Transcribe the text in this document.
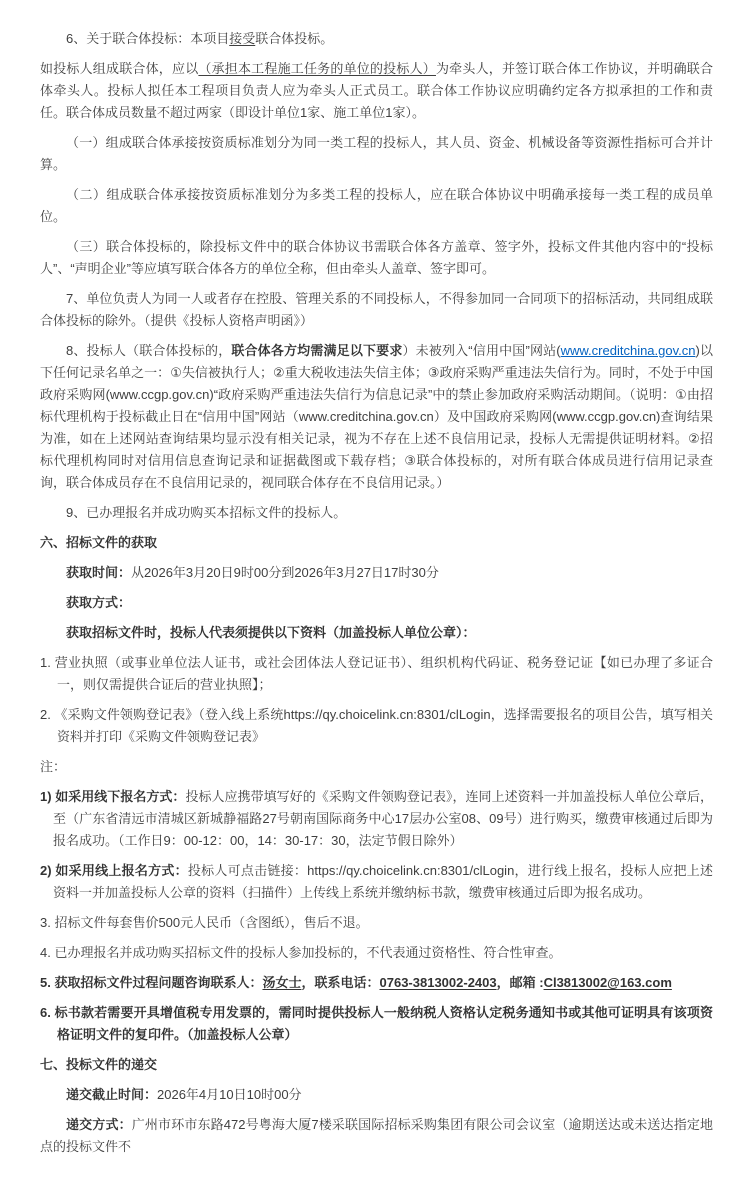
6、关于联合体投标：本项目接受联合体投标。

如投标人组成联合体，应以（承担本工程施工任务的单位的投标人）为牵头人，并签订联合体工作协议，并明确联合体牵头人。投标人拟任本工程项目负责人应为牵头人正式员工。联合体工作协议应明确约定各方拟承担的工作和责任。联合体成员数量不超过两家（即设计单位1家、施工单位1家）。

（一）组成联合体承接按资质标准划分为同一类工程的投标人，其人员、资金、机械设备等资源性指标可合并计算。

（二）组成联合体承接按资质标准划分为多类工程的投标人，应在联合体协议中明确承接每一类工程的成员单位。

（三）联合体投标的，除投标文件中的联合体协议书需联合体各方盖章、签字外，投标文件其他内容中的“投标人”、“声明企业”等应填写联合体各方的单位全称，但由牵头人盖章、签字即可。

7、单位负责人为同一人或者存在控股、管理关系的不同投标人，不得参加同一合同项下的招标活动，共同组成联合体投标的除外。（提供《投标人资格声明函》）

8、投标人（联合体投标的，联合体各方均需满足以下要求）未被列入“信用中国”网站(www.creditchina.gov.cn)以下任何记录名单之一：①失信被执行人；②重大税收违法失信主体；③政府采购严重违法失信行为。同时，不处于中国政府采购网(www.ccgp.gov.cn)“政府采购严重违法失信行为信息记录”中的禁止参加政府采购活动期间。（说明：①由招标代理机构于投标截止日在“信用中国”网站（www.creditchina.gov.cn）及中国政府采购网(www.ccgp.gov.cn)查询结果为准，如在上述网站查询结果均显示没有相关记录，视为不存在上述不良信用记录，投标人无需提供证明材料。②招标代理机构同时对信用信息查询记录和证据截图或下载存档；③联合体投标的，对所有联合体成员进行信用记录查询，联合体成员存在不良信用记录的，视同联合体存在不良信用记录。）

9、已办理报名并成功购买本招标文件的投标人。

六、招标文件的获取

获取时间：从2026年3月20日9时00分到2026年3月27日17时30分

获取方式：

获取招标文件时，投标人代表须提供以下资料（加盖投标人单位公章）：

1. 营业执照（或事业单位法人证书，或社会团体法人登记证书）、组织机构代码证、税务登记证【如已办理了多证合一，则仅需提供合证后的营业执照】；

2. 《采购文件领购登记表》（登入线上系统https://qy.choicelink.cn:8301/clLogin，选择需要报名的项目公告，填写相关资料并打印《采购文件领购登记表》

注：

1) 如采用线下报名方式：投标人应携带填写好的《采购文件领购登记表》，连同上述资料一并加盖投标人单位公章后，至（广东省清远市清城区新城静福路27号朝南国际商务中心17层办公室08、09号）进行购买，缴费审核通过后即为报名成功。（工作日9：00-12：00，14：30-17：30，法定节假日除外）

2) 如采用线上报名方式：投标人可点击链接：https://qy.choicelink.cn:8301/clLogin，进行线上报名，投标人应把上述资料一并加盖投标人公章的资料（扫描件）上传线上系统并缴纳标书款，缴费审核通过后即为报名成功。

3. 招标文件每套售价500元人民币（含图纸），售后不退。

4. 已办理报名并成功购买招标文件的投标人参加投标的，不代表通过资格性、符合性审查。

5. 获取招标文件过程问题咨询联系人：汤女士，联系电话：0763-3813002-2403，邮箱 :Cl3813002@163.com

6. 标书款若需要开具增值税专用发票的，需同时提供投标人一般纳税人资格认定税务通知书或其他可证明具有该项资格证明文件的复印件。（加盖投标人公章）

七、投标文件的递交

递交截止时间：2026年4月10日10时00分

递交方式：广州市环市东路472号粤海大厦7楼采联国际招标采购集团有限公司会议室（逾期送达或未送达指定地点的投标文件不
